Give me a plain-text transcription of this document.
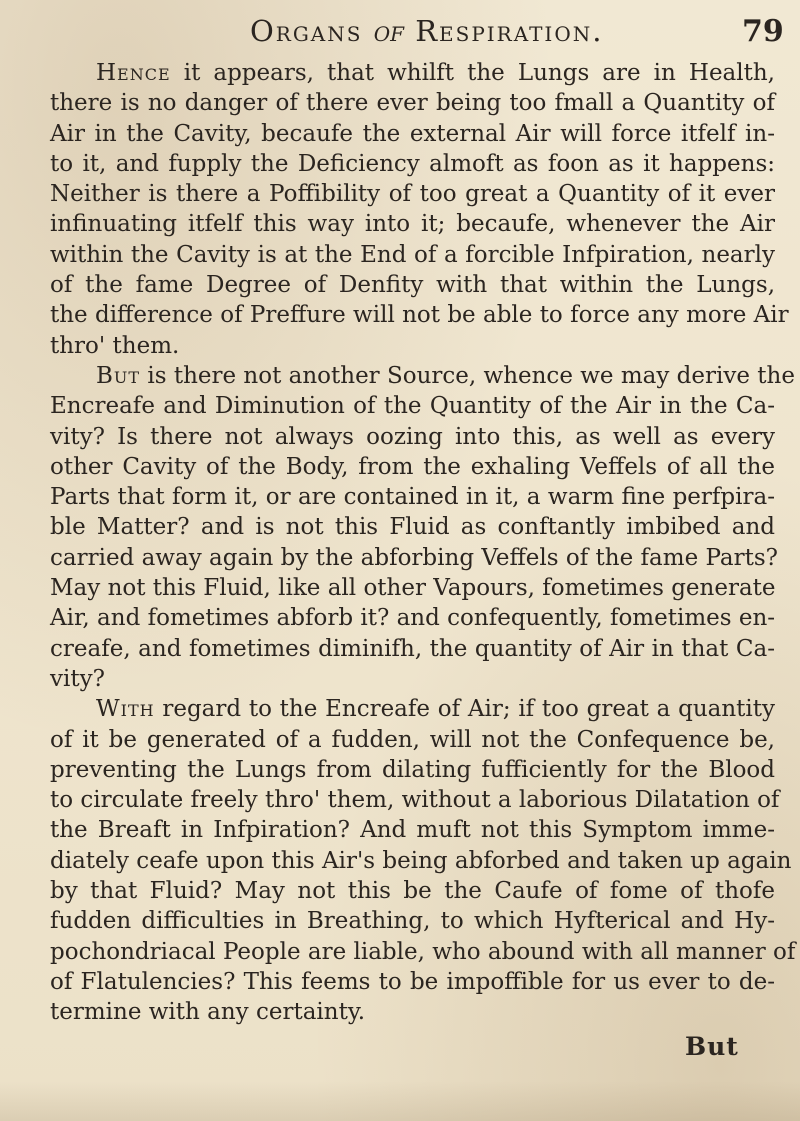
Organs of Respiration.	79
Hence it appears, that whilft the Lungs are in Health,
there is no danger of there ever being too fmall a Quantity of
Air in the Cavity, becaufe the external Air will force itfelf in-
to it, and fupply the Deficiency almoft as foon as it happens:
Neither is there a Poffibility of too great a Quantity of it ever
infinuating itfelf this way into it; becaufe, whenever the Air
within the Cavity is at the End of a forcible Infpiration, nearly
of the fame Degree of Denfity with that within the Lungs,
the difference of Preffure will not be able to force any more Air
thro' them.
But is there not another Source, whence we may derive the
Encreafe and Diminution of the Quantity of the Air in the Ca-
vity? Is there not always oozing into this, as well as every
other Cavity of the Body, from the exhaling Veffels of all the
Parts that form it, or are contained in it, a warm fine perfpira-
ble Matter? and is not this Fluid as conftantly imbibed and
carried away again by the abforbing Veffels of the fame Parts?
May not this Fluid, like all other Vapours, fometimes generate
Air, and fometimes abforb it? and confequently, fometimes en-
creafe, and fometimes diminifh, the quantity of Air in that Ca-
vity?
With regard to the Encreafe of Air; if too great a quantity
of it be generated of a fudden, will not the Confequence be,
preventing the Lungs from dilating fufficiently for the Blood
to circulate freely thro' them, without a laborious Dilatation of
the Breaft in Infpiration? And muft not this Symptom imme-
diately ceafe upon this Air's being abforbed and taken up again
by that Fluid? May not this be the Caufe of fome of thofe
fudden difficulties in Breathing, to which Hyfterical and Hy-
pochondriacal People are liable, who abound with all manner of
of Flatulencies? This feems to be impoffible for us ever to de-
termine with any certainty.
But
